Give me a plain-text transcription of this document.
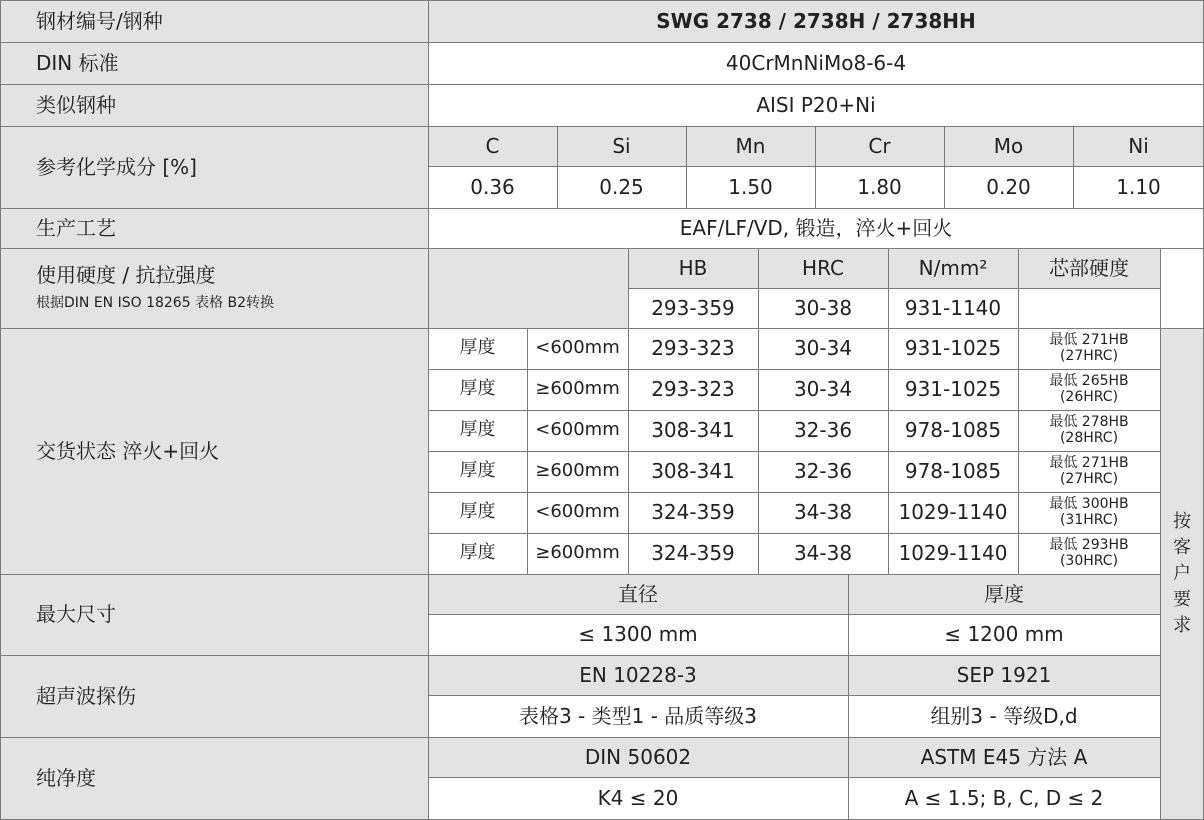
钢材编号/钢种	SWG 2738 / 2738H / 2738HH
DIN 标准	40CrMnNiMo8-6-4
类似钢种	AISI P20+Ni
参考化学成分 [%]
C	Si	Mn	Cr	Mo	Ni
0.36	0.25	1.50	1.80	0.20	1.10
生产工艺	EAF/LF/VD, 锻造，淬火+回火
使用硬度 / 抗拉强度
根据DIN EN ISO 18265 表格 B2转换
HB	HRC	N/mm²	芯部硬度
293-359	30-38	931-1140
交货状态 淬火+回火
厚度	<600mm	293-323	30-34	931-1025	最低 271HB
(27HRC)
厚度	≥600mm	293-323	30-34	931-1025	最低 265HB
(26HRC)
厚度	<600mm	308-341	32-36	978-1085	最低 278HB
(28HRC)
厚度	≥600mm	308-341	32-36	978-1085	最低 271HB
(27HRC)
厚度	<600mm	324-359	34-38	1029-1140	最低 300HB
(31HRC)
厚度	≥600mm	324-359	34-38	1029-1140	最低 293HB
(30HRC)
按
客
户
要
求
最大尺寸
直径	厚度
≤ 1300 mm	≤ 1200 mm
超声波探伤
EN 10228-3	SEP 1921
表格3 - 类型1 - 品质等级3	组别3 - 等级D,d
纯净度
DIN 50602	ASTM E45 方法 A
K4 ≤ 20	A ≤ 1.5; B, C, D ≤ 2
